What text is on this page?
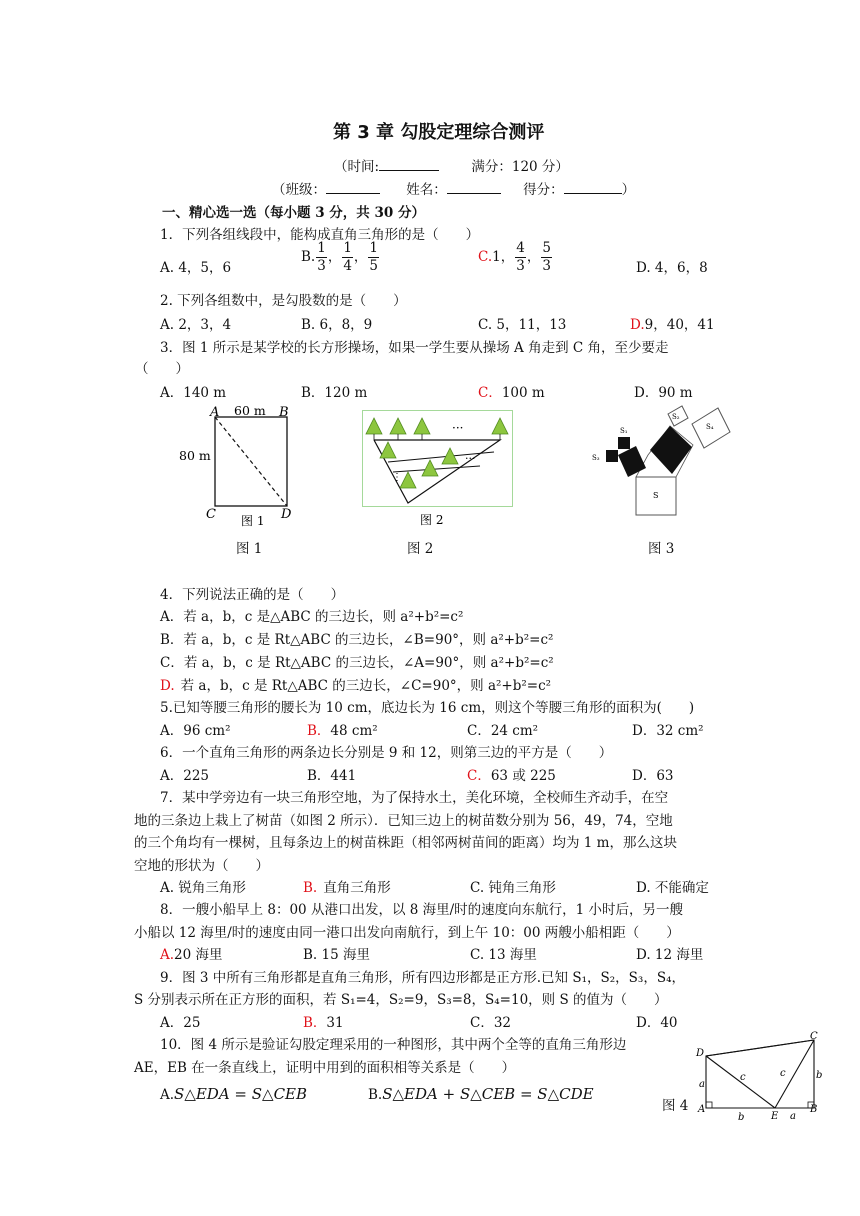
第 3 章 勾股定理综合测评
（时间:	满分：120 分）
（班级：	姓名：	得分：	）
一、精心选一选（每小题 3 分，共 30 分）
1．下列各组线段中，能构成直角三角形的是（　　）
A. 4，5，6
B. $\frac{1}{3}$ ， $\frac{1}{4}$ ， $\frac{1}{5}$	C.1， $\frac{4}{3}$ ， $\frac{5}{3}$	D. 4，6，8
2. 下列各组数中，是勾股数的是（　　）
A. 2，3，4	B. 6，8，9	C. 5，11，13	D.9，40，41
3．图 1 所示是某学校的长方形操场，如果一学生要从操场 A 角走到 C 角，至少要走
（　　）
A．140 m	B．120 m	C．100 m	D．90 m
A	B
C	D
60 m
80 m
图 1
图 1
···
···
⋮
图 2
图 2
S
S₁
S₂
S₃
S₄
图 3
4．下列说法正确的是（　　）
A．若 a，b，c 是△ABC 的三边长，则 a²+b²=c²
B．若 a，b，c 是 Rt△ABC 的三边长，∠B=90°，则 a²+b²=c²
C．若 a，b，c 是 Rt△ABC 的三边长，∠A=90°，则 a²+b²=c²
D. 若 a，b，c 是 Rt△ABC 的三边长，∠C=90°，则 a²+b²=c²
5.已知等腰三角形的腰长为 10 cm，底边长为 16 cm，则这个等腰三角形的面积为(　　)
A．96 cm²	B．48 cm²	C．24 cm²	D．32 cm²
6．一个直角三角形的两条边长分别是 9 和 12，则第三边的平方是（　　）
A．225	B．441	C．63 或 225	D．63
7．某中学旁边有一块三角形空地，为了保持水土，美化环境，全校师生齐动手，在空
地的三条边上栽上了树苗（如图 2 所示）．已知三边上的树苗数分别为 56，49，74，空地
的三个角均有一棵树，且每条边上的树苗株距（相邻两树苗间的距离）均为 1 m，那么这块
空地的形状为（　　）
A. 锐角三角形	B. 直角三角形	C. 钝角三角形	D. 不能确定
8．一艘小船早上 8：00 从港口出发，以 8 海里/时的速度向东航行，1 小时后，另一艘
小船以 12 海里/时的速度由同一港口出发向南航行，到上午 10：00 两艘小船相距（　　）
A.20 海里	B. 15 海里	C. 13 海里	D. 12 海里
9．图 3 中所有三角形都是直角三角形，所有四边形都是正方形.已知 S₁，S₂，S₃，S₄，
S 分别表示所在正方形的面积，若 S₁=4，S₂=9，S₃=8，S₄=10，则 S 的值为（　　）
A．25	B．31	C．32	D．40
10．图 4 所示是验证勾股定理采用的一种图形，其中两个全等的直角三角形边
AE，EB 在一条直线上，证明中用到的面积相等关系是（　　）
A.S△EDA = S△CEB	B.S△EDA + S△CEB = S△CDE
图 4
D
A
E
B
C
a
a
b
b
c	c
